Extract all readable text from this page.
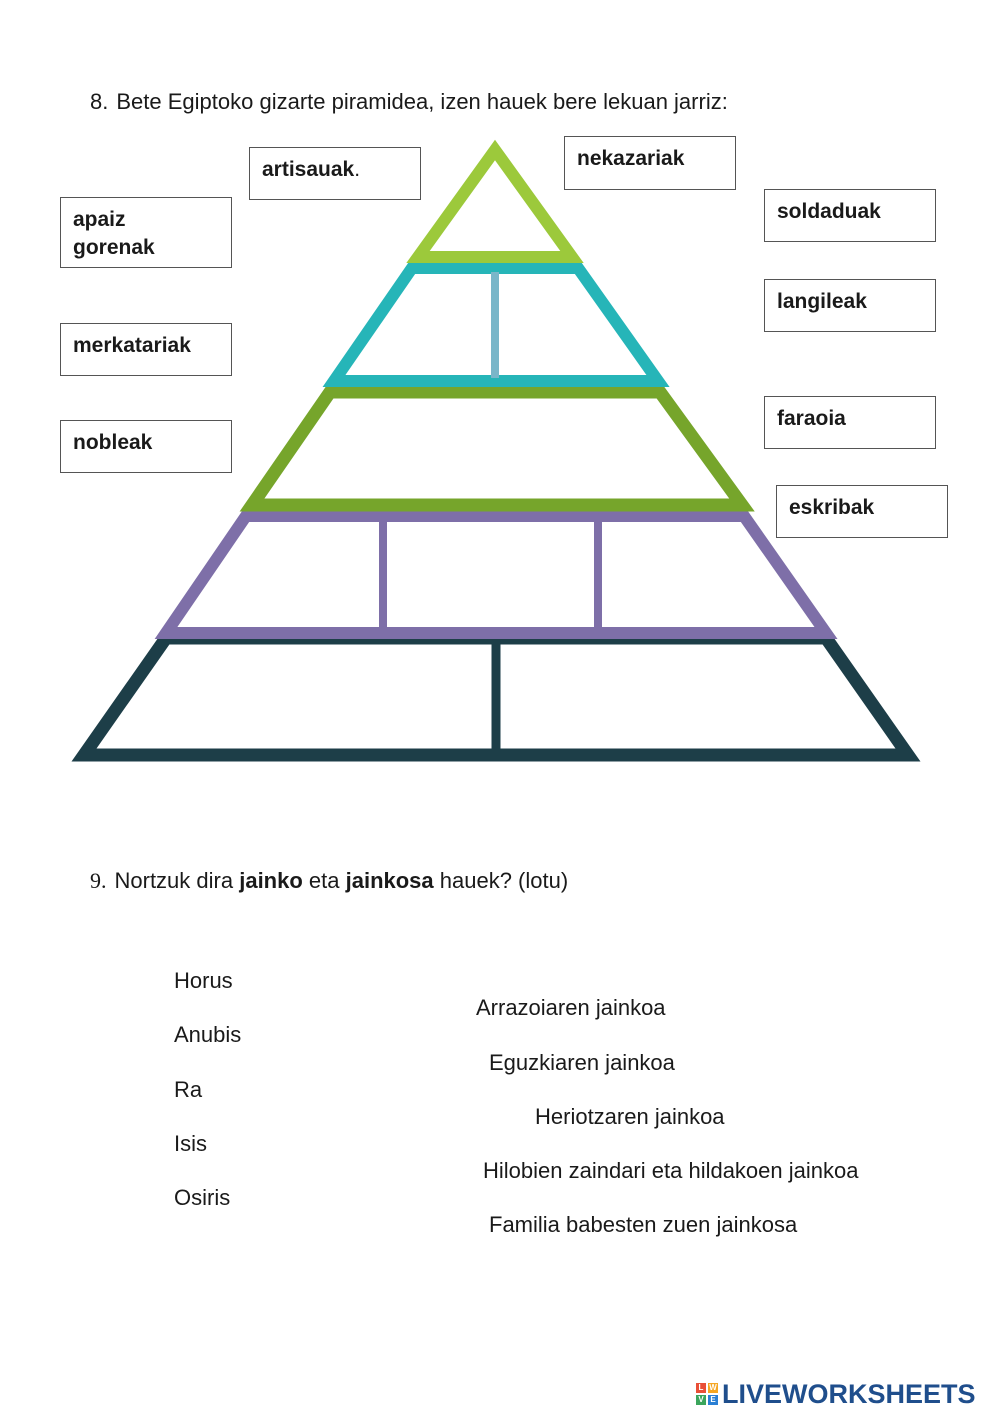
8. Bete Egiptoko gizarte piramidea, izen hauek bere lekuan jarriz:
artisauak.	nekazariak
apaiz
gorenak
soldaduak
langileak
merkatariak
faraoia
nobleak
eskribak
9. Nortzuk dira jainko eta jainkosa hauek? (lotu)
Horus
Anubis
Ra
Isis
Osiris
Arrazoiaren jainkoa
Eguzkiaren jainkoa
Heriotzaren jainkoa
Hilobien zaindari eta hildakoen jainkoa
Familia babesten zuen jainkosa
L W
V E LIVEWORKSHEETS
